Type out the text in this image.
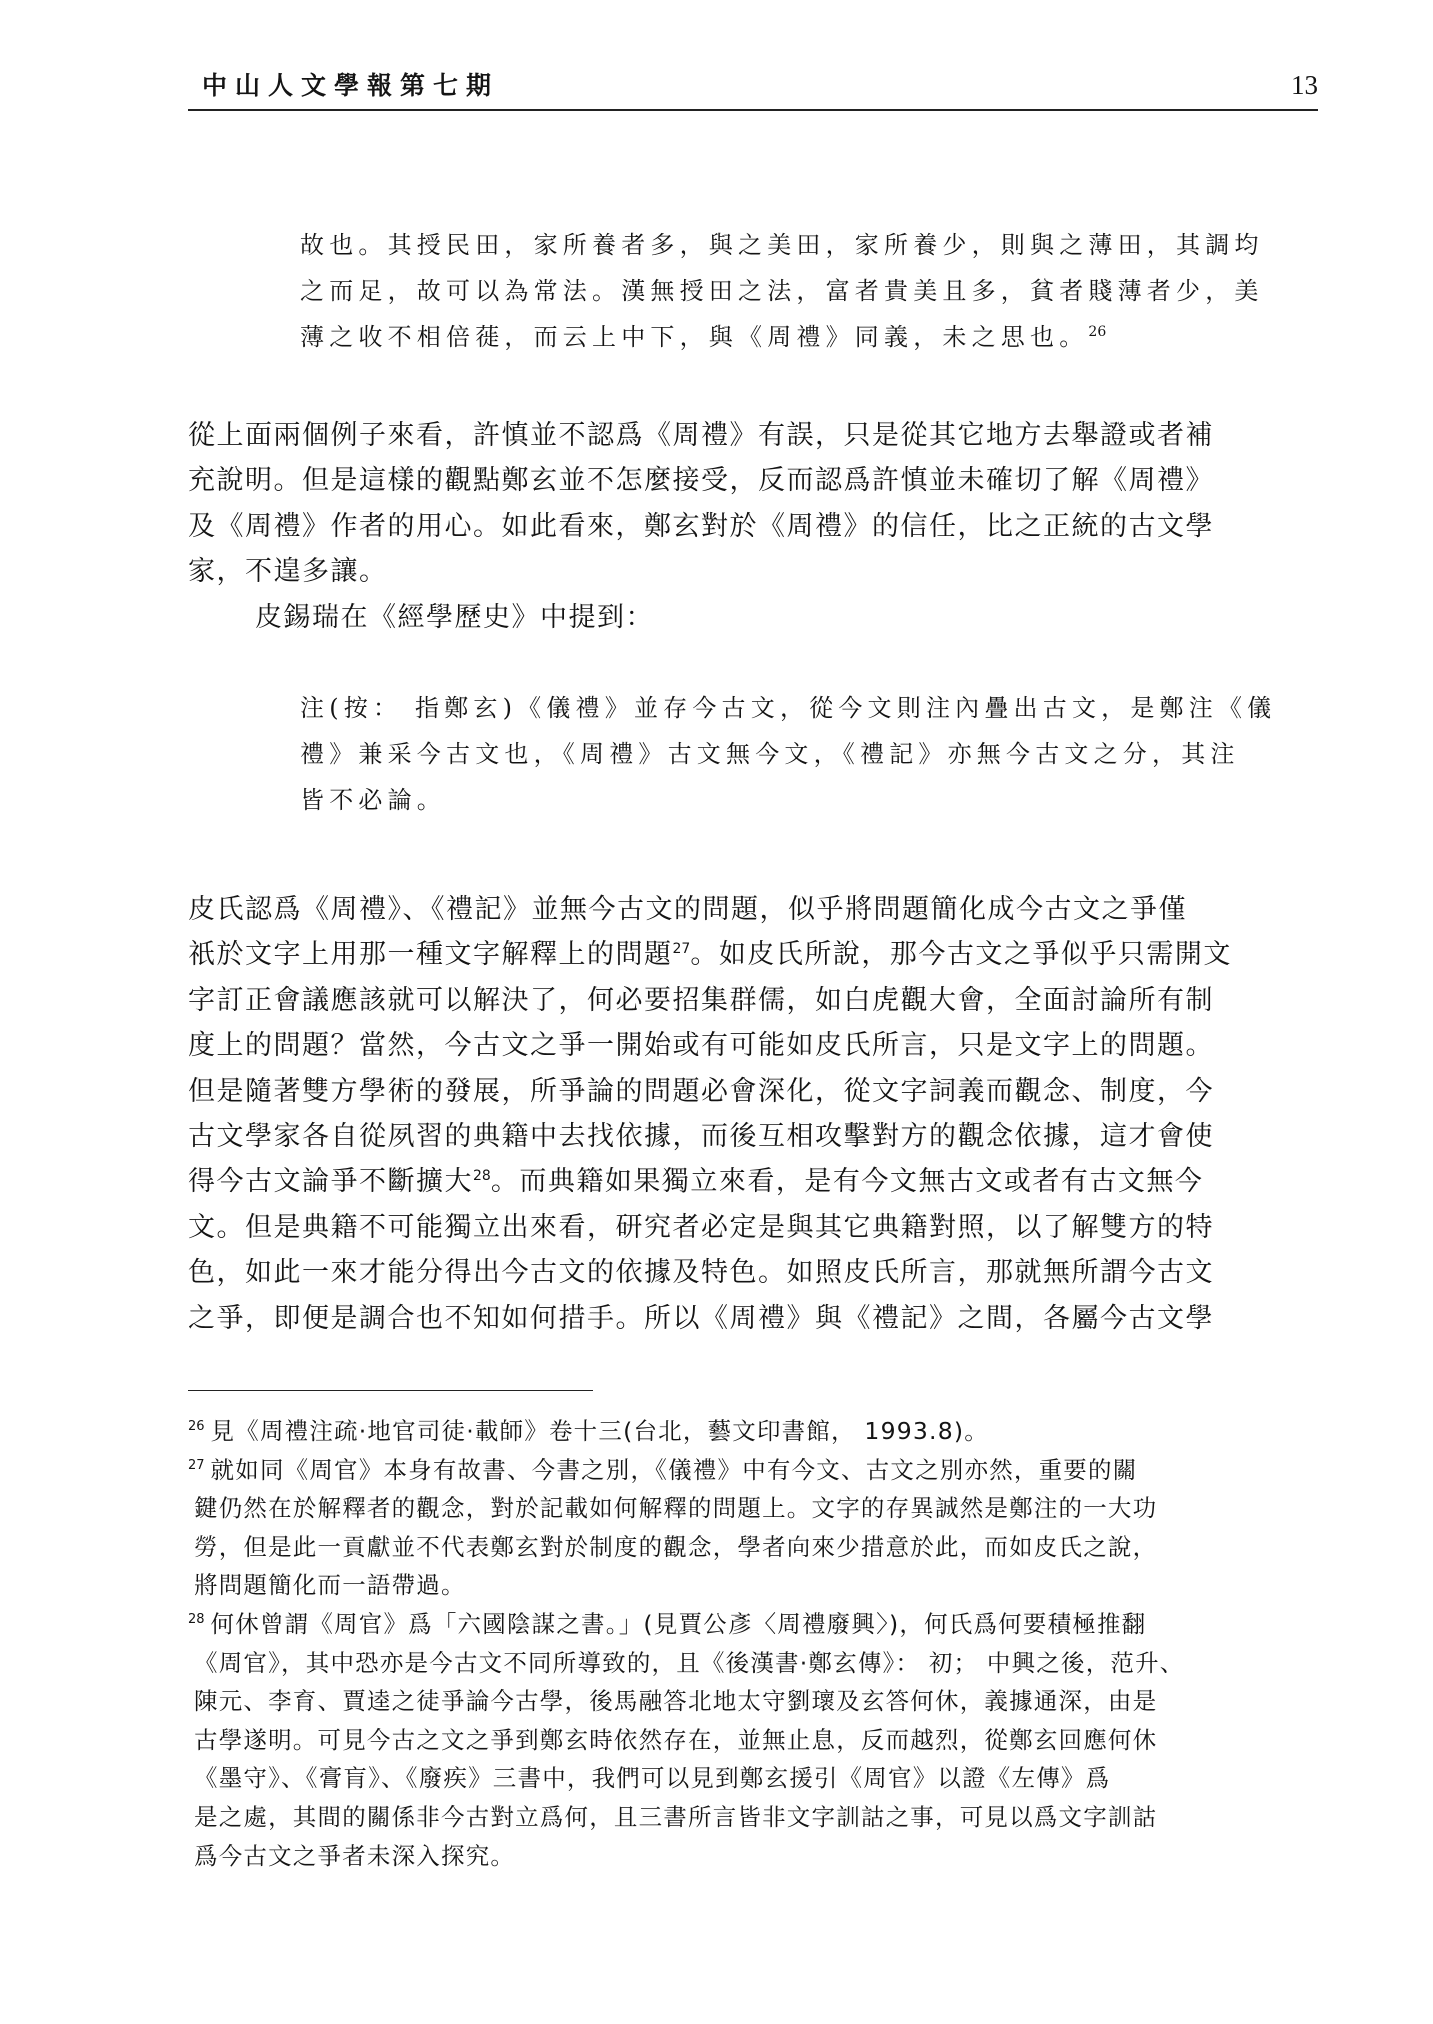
中山人文學報第七期	13
故也。其授民田，家所養者多，與之美田，家所養少，則與之薄田，其調均
之而足，故可以為常法。漢無授田之法，富者貴美且多，貧者賤薄者少，美
薄之收不相倍蓰，而云上中下，與《周禮》同義，未之思也。$^{26}$
從上面兩個例子來看，許慎並不認爲《周禮》有誤，只是從其它地方去舉證或者補
充說明。但是這樣的觀點鄭玄並不怎麼接受，反而認爲許慎並未確切了解《周禮》
及《周禮》作者的用心。如此看來，鄭玄對於《周禮》的信任，比之正統的古文學
家，不遑多讓。
皮錫瑞在《經學歷史》中提到：
注(按： 指鄭玄)《儀禮》並存今古文，從今文則注內疊出古文，是鄭注《儀
禮》兼采今古文也，《周禮》古文無今文，《禮記》亦無今古文之分，其注
皆不必論。
皮氏認爲《周禮》、《禮記》並無今古文的問題，似乎將問題簡化成今古文之爭僅
祇於文字上用那一種文字解釋上的問題$^{27}$。如皮氏所說，那今古文之爭似乎只需開文
字訂正會議應該就可以解決了，何必要招集群儒，如白虎觀大會，全面討論所有制
度上的問題？當然，今古文之爭一開始或有可能如皮氏所言，只是文字上的問題。
但是隨著雙方學術的發展，所爭論的問題必會深化，從文字詞義而觀念、制度，今
古文學家各自從夙習的典籍中去找依據，而後互相攻擊對方的觀念依據，這才會使
得今古文論爭不斷擴大$^{28}$。而典籍如果獨立來看，是有今文無古文或者有古文無今
文。但是典籍不可能獨立出來看，研究者必定是與其它典籍對照，以了解雙方的特
色，如此一來才能分得出今古文的依據及特色。如照皮氏所言，那就無所謂今古文
之爭，即便是調合也不知如何措手。所以《周禮》與《禮記》之間，各屬今古文學
$^{26}$ 見《周禮注疏·地官司徒·載師》卷十三(台北，藝文印書館， 1993.8)。
$^{27}$ 就如同《周官》本身有故書、今書之別，《儀禮》中有今文、古文之別亦然，重要的關
鍵仍然在於解釋者的觀念，對於記載如何解釋的問題上。文字的存異誠然是鄭注的一大功
勞，但是此一貢獻並不代表鄭玄對於制度的觀念，學者向來少措意於此，而如皮氏之說，
將問題簡化而一語帶過。
$^{28}$ 何休曾謂《周官》爲「六國陰謀之書。」(見賈公彥〈周禮廢興〉)，何氏爲何要積極推翻
《周官》，其中恐亦是今古文不同所導致的，且《後漢書·鄭玄傳》： 初； 中興之後，范升、
陳元、李育、賈逵之徒爭論今古學，後馬融答北地太守劉瓌及玄答何休，義據通深，由是
古學遂明。可見今古之文之爭到鄭玄時依然存在，並無止息，反而越烈，從鄭玄回應何休
《墨守》、《膏肓》、《廢疾》三書中，我們可以見到鄭玄援引《周官》以證《左傳》爲
是之處，其間的關係非今古對立爲何，且三書所言皆非文字訓詁之事，可見以爲文字訓詁
爲今古文之爭者未深入探究。
